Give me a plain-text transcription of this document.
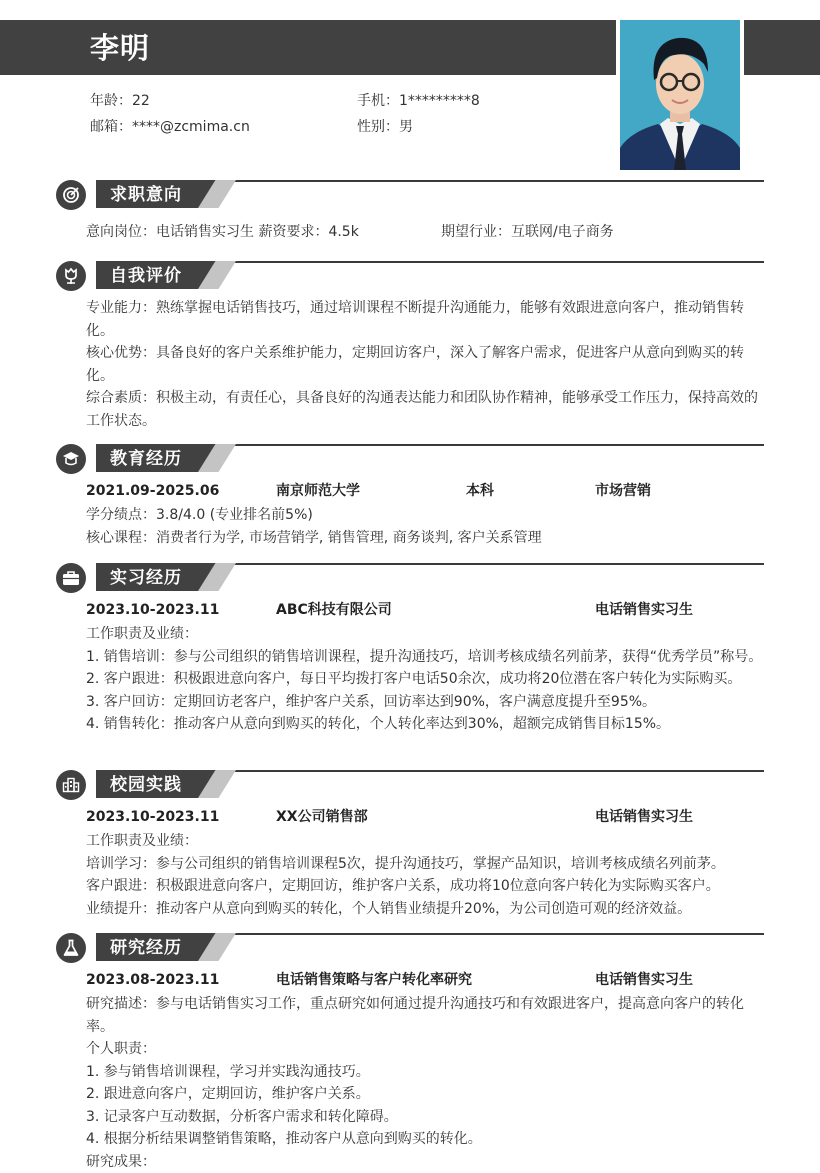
李明
年龄：22	手机：1*********8
邮箱：****@zcmima.cn	性别：男
求职意向
意向岗位：电话销售实习生 薪资要求：4.5k	期望行业：互联网/电子商务
自我评价
专业能力：熟练掌握电话销售技巧，通过培训课程不断提升沟通能力，能够有效跟进意向客户，推动销售转化。
核心优势：具备良好的客户关系维护能力，定期回访客户，深入了解客户需求，促进客户从意向到购买的转化。
综合素质：积极主动，有责任心，具备良好的沟通表达能力和团队协作精神，能够承受工作压力，保持高效的工作状态。
教育经历
2021.09-2025.06	南京师范大学	本科	市场营销
学分绩点：3.8/4.0 (专业排名前5%)
核心课程：消费者行为学, 市场营销学, 销售管理, 商务谈判, 客户关系管理
实习经历
2023.10-2023.11	ABC科技有限公司	电话销售实习生
工作职责及业绩：
1. 销售培训：参与公司组织的销售培训课程，提升沟通技巧，培训考核成绩名列前茅，获得“优秀学员”称号。
2. 客户跟进：积极跟进意向客户，每日平均拨打客户电话50余次，成功将20位潜在客户转化为实际购买。
3. 客户回访：定期回访老客户，维护客户关系，回访率达到90%，客户满意度提升至95%。
4. 销售转化：推动客户从意向到购买的转化，个人转化率达到30%，超额完成销售目标15%。
校园实践
2023.10-2023.11	XX公司销售部	电话销售实习生
工作职责及业绩：
培训学习：参与公司组织的销售培训课程5次，提升沟通技巧，掌握产品知识，培训考核成绩名列前茅。
客户跟进：积极跟进意向客户，定期回访，维护客户关系，成功将10位意向客户转化为实际购买客户。
业绩提升：推动客户从意向到购买的转化，个人销售业绩提升20%，为公司创造可观的经济效益。
研究经历
2023.08-2023.11	电话销售策略与客户转化率研究	电话销售实习生
研究描述：参与电话销售实习工作，重点研究如何通过提升沟通技巧和有效跟进客户，提高意向客户的转化率。
个人职责：
1. 参与销售培训课程，学习并实践沟通技巧。
2. 跟进意向客户，定期回访，维护客户关系。
3. 记录客户互动数据，分析客户需求和转化障碍。
4. 根据分析结果调整销售策略，推动客户从意向到购买的转化。
研究成果：
